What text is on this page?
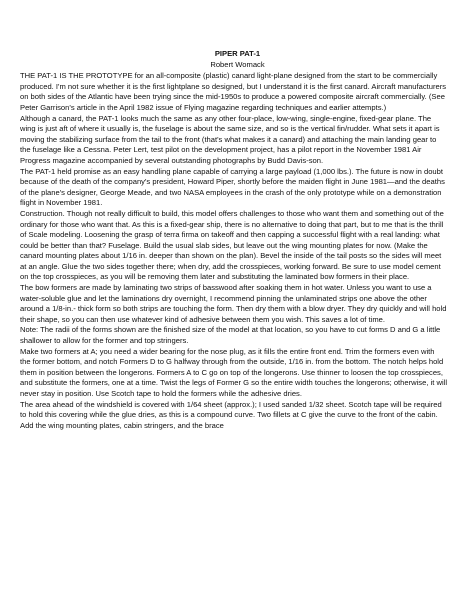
PIPER PAT-1

Robert Womack

THE PAT-1 IS THE PROTOTYPE for an all-composite (plastic) canard light-plane designed from the start to be commercially produced. I'm not sure whether it is the first lightplane so designed, but I understand it is the first canard. Aircraft manufacturers on both sides of the Atlantic have been trying since the mid-1950s to produce a powered composite aircraft commercially. (See Peter Garrison's article in the April 1982 issue of Flying magazine regarding techniques and earlier attempts.)

Although a canard, the PAT-1 looks much the same as any other four-place, low-wing, single-engine, fixed-gear plane. The wing is just aft of where it usually is, the fuselage is about the same size, and so is the vertical fin/rudder. What sets it apart is moving the stabilizing surface from the tail to the front (that's what makes it a canard) and attaching the main landing gear to the fuselage like a Cessna. Peter Lert, test pilot on the development project, has a pilot report in the November 1981 Air Progress magazine accompanied by several outstanding photographs by Budd Davis-son.

The PAT-1 held promise as an easy handling plane capable of carrying a large payload (1,000 lbs.). The future is now in doubt because of the death of the company's president, Howard Piper, shortly before the maiden flight in June 1981—and the deaths of the plane's designer, George Meade, and two NASA employees in the crash of the only prototype while on a demonstration flight in November 1981.

Construction. Though not really difficult to build, this model offers challenges to those who want them and something out of the ordinary for those who want that. As this is a fixed-gear ship, there is no alternative to doing that part, but to me that is the thrill of Scale modeling. Loosening the grasp of terra firma on takeoff and then capping a successful flight with a real landing: what could be better than that? Fuselage. Build the usual slab sides, but leave out the wing mounting plates for now. (Make the canard mounting plates about 1/16 in. deeper than shown on the plan). Bevel the inside of the tail posts so the sides will meet at an angle. Glue the two sides together there; when dry, add the crosspieces, working forward. Be sure to use model cement on the top crosspieces, as you will be removing them later and substituting the laminated bow formers in their place.

The bow formers are made by laminating two strips of basswood after soaking them in hot water. Unless you want to use a water-soluble glue and let the laminations dry overnight, I recommend pinning the unlaminated strips one above the other around a 1/8-in.- thick form so both strips are touching the form. Then dry them with a blow dryer. They dry quickly and will hold their shape, so you can then use whatever kind of adhesive between them you wish. This saves a lot of time.

Note: The radii of the forms shown are the finished size of the model at that location, so you have to cut forms D and G a little shallower to allow for the former and top stringers.

Make two formers at A; you need a wider bearing for the nose plug, as it fills the entire front end. Trim the formers even with the former bottom, and notch Formers D to G halfway through from the outside, 1/16 in. from the bottom. The notch helps hold them in position between the longerons. Formers A to C go on top of the longerons. Use thinner to loosen the top crosspieces, and substitute the formers, one at a time. Twist the legs of Former G so the entire width touches the longerons; otherwise, it will never stay in position. Use Scotch tape to hold the formers while the adhesive dries.

The area ahead of the windshield is covered with 1/64 sheet (approx.); I used sanded 1/32 sheet. Scotch tape will be required to hold this covering while the glue dries, as this is a compound curve. Two fillets at C give the curve to the front of the cabin. Add the wing mounting plates, cabin stringers, and the brace
